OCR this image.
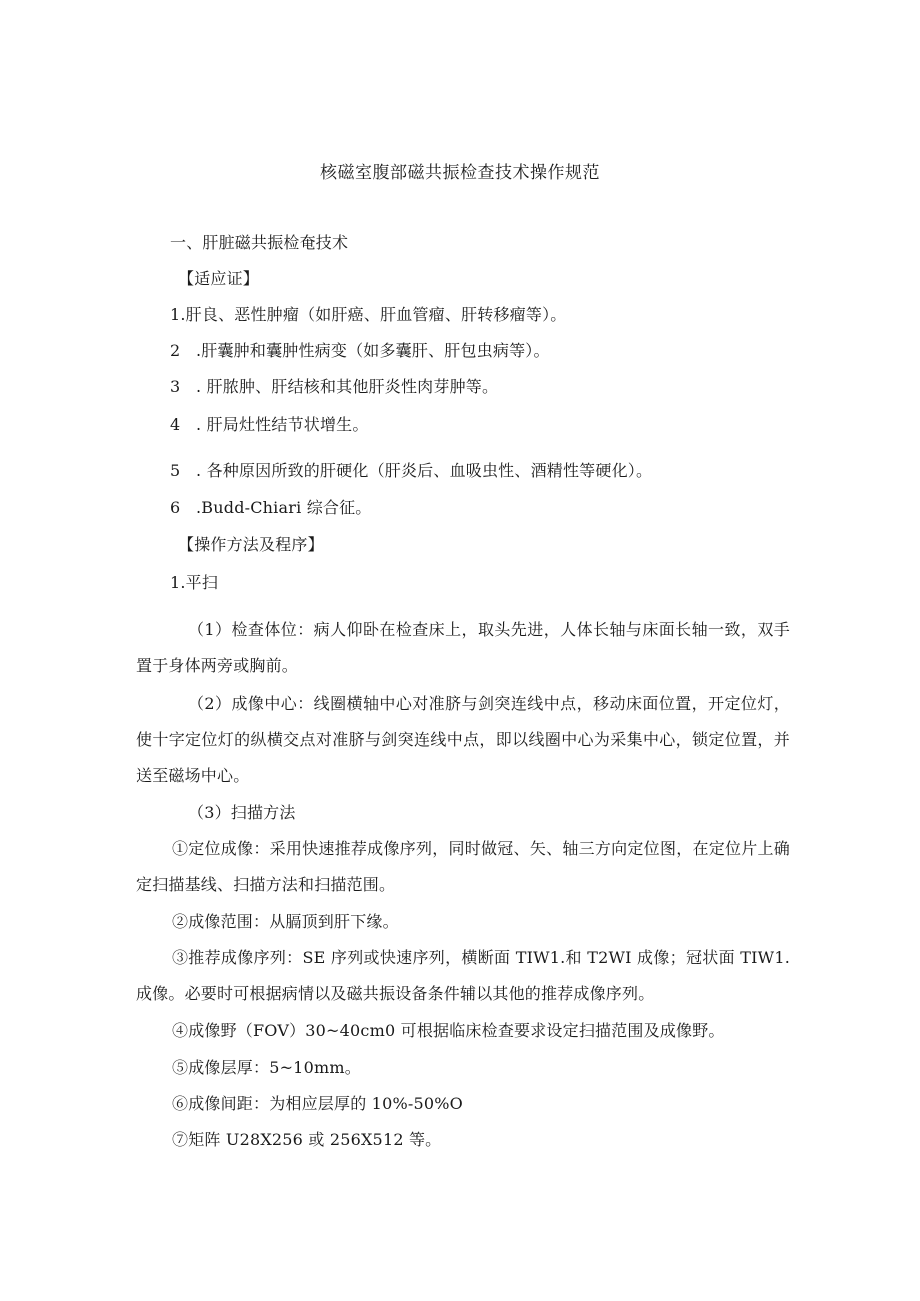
核磁室腹部磁共振检查技术操作规范
一、肝脏磁共振检奄技术
【适应证】
1.肝良、恶性肿瘤（如肝癌、肝血管瘤、肝转移瘤等）。
2 .肝囊肿和囊肿性病变（如多囊肝、肝包虫病等）。
3 . 肝脓肿、肝结核和其他肝炎性肉芽肿等。
4 . 肝局灶性结节状增生。
5 . 各种原因所致的肝硬化（肝炎后、血吸虫性、酒精性等硬化）。
6 .Budd-Chiari 综合征。
【操作方法及程序】
1.平扫
（1）检查体位：病人仰卧在检查床上，取头先进，人体长轴与床面长轴一致，双手置于身体两旁或胸前。
（2）成像中心：线圈横轴中心对准脐与剑突连线中点，移动床面位置，开定位灯，使十字定位灯的纵横交点对准脐与剑突连线中点，即以线圈中心为采集中心，锁定位置，并送至磁场中心。
（3）扫描方法
①定位成像：采用快速推荐成像序列，同时做冠、矢、轴三方向定位图，在定位片上确定扫描基线、扫描方法和扫描范围。
②成像范围：从膈顶到肝下缘。
③推荐成像序列：SE 序列或快速序列，横断面 TIW1.和 T2WI 成像；冠状面 TIW1.成像。必要时可根据病情以及磁共振设备条件辅以其他的推荐成像序列。
④成像野（FOV）30~40cm0 可根据临床检查要求设定扫描范围及成像野。
⑤成像层厚：5~10mm。
⑥成像间距：为相应层厚的 10%-50%O
⑦矩阵 U28X256 或 256X512 等。
